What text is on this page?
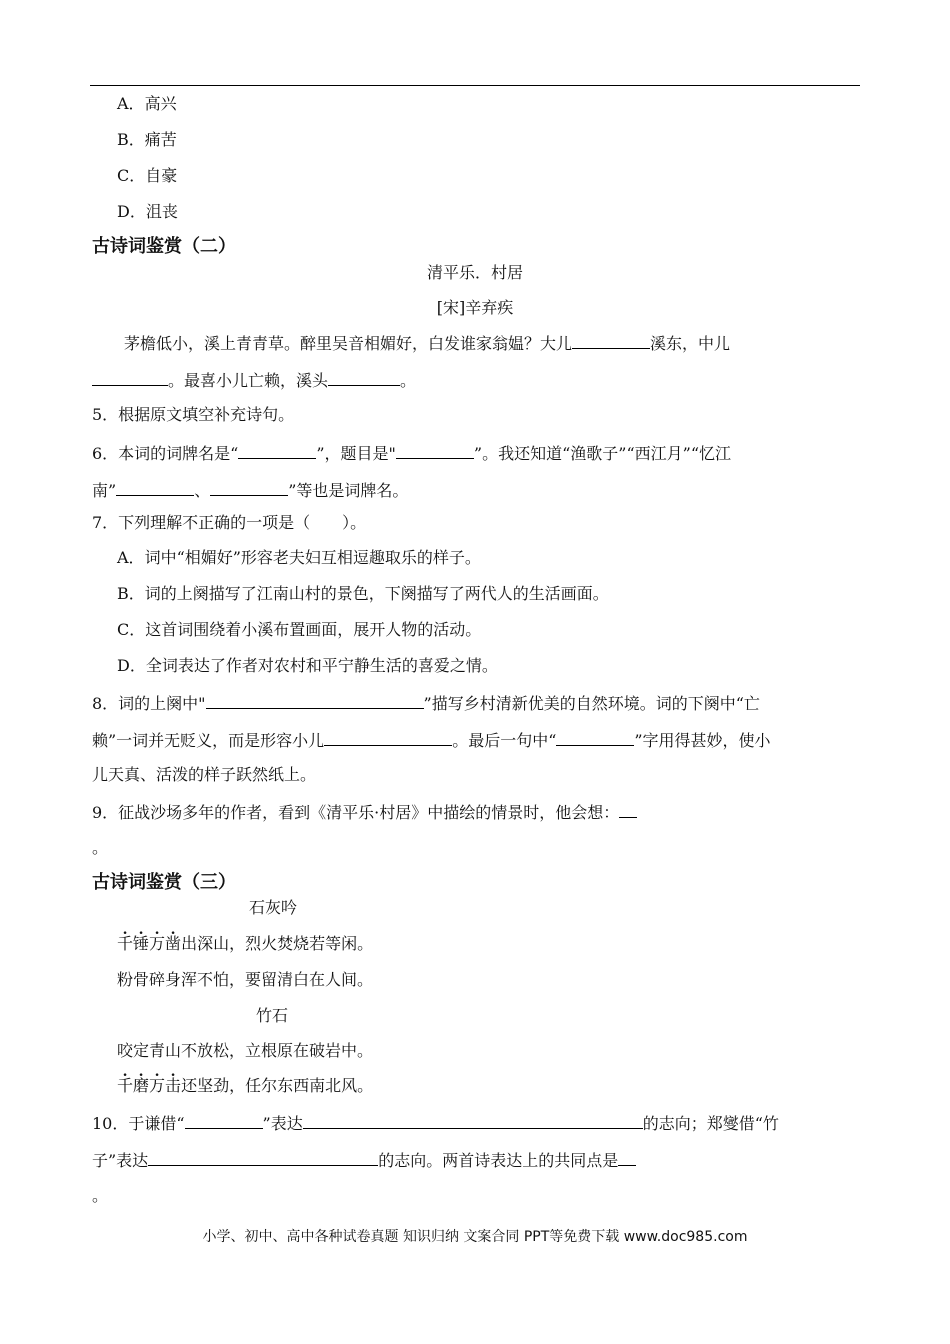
A．高兴
B．痛苦
C．自豪
D．沮丧
古诗词鉴赏（二）
清平乐．村居
[宋]辛弃疾
茅檐低小，溪上青青草。醉里吴音相媚好，白发谁家翁媪？大儿	溪东，中儿
。最喜小儿亡赖，溪头	。
5．根据原文填空补充诗句。
6．本词的词牌名是“	”，题目是"	”。我还知道“渔歌子”“西江月”“忆江
南”	、	”等也是词牌名。
7．下列理解不正确的一项是（　　）。
A．词中“相媚好”形容老夫妇互相逗趣取乐的样子。
B．词的上阕描写了江南山村的景色，下阕描写了两代人的生活画面。
C．这首词围绕着小溪布置画面，展开人物的活动。
D．全词表达了作者对农村和平宁静生活的喜爱之情。
8．词的上阕中"	”描写乡村清新优美的自然环境。词的下阕中“亡
赖”一词并无贬义，而是形容小儿	。最后一句中“	”字用得甚妙，使小
儿天真、活泼的样子跃然纸上。
9．征战沙场多年的作者，看到《清平乐·村居》中描绘的情景时，他会想：
。
古诗词鉴赏（三）
石灰吟
千锤万凿出深山，烈火焚烧若等闲。
粉骨碎身浑不怕，要留清白在人间。
竹石
咬定青山不放松，立根原在破岩中。
千磨万击还坚劲，任尔东西南北风。
10．于谦借“	”表达	的志向；郑燮借“竹
子”表达	的志向。两首诗表达上的共同点是
。
小学、初中、高中各种试卷真题 知识归纳 文案合同 PPT等免费下载 www.doc985.com
